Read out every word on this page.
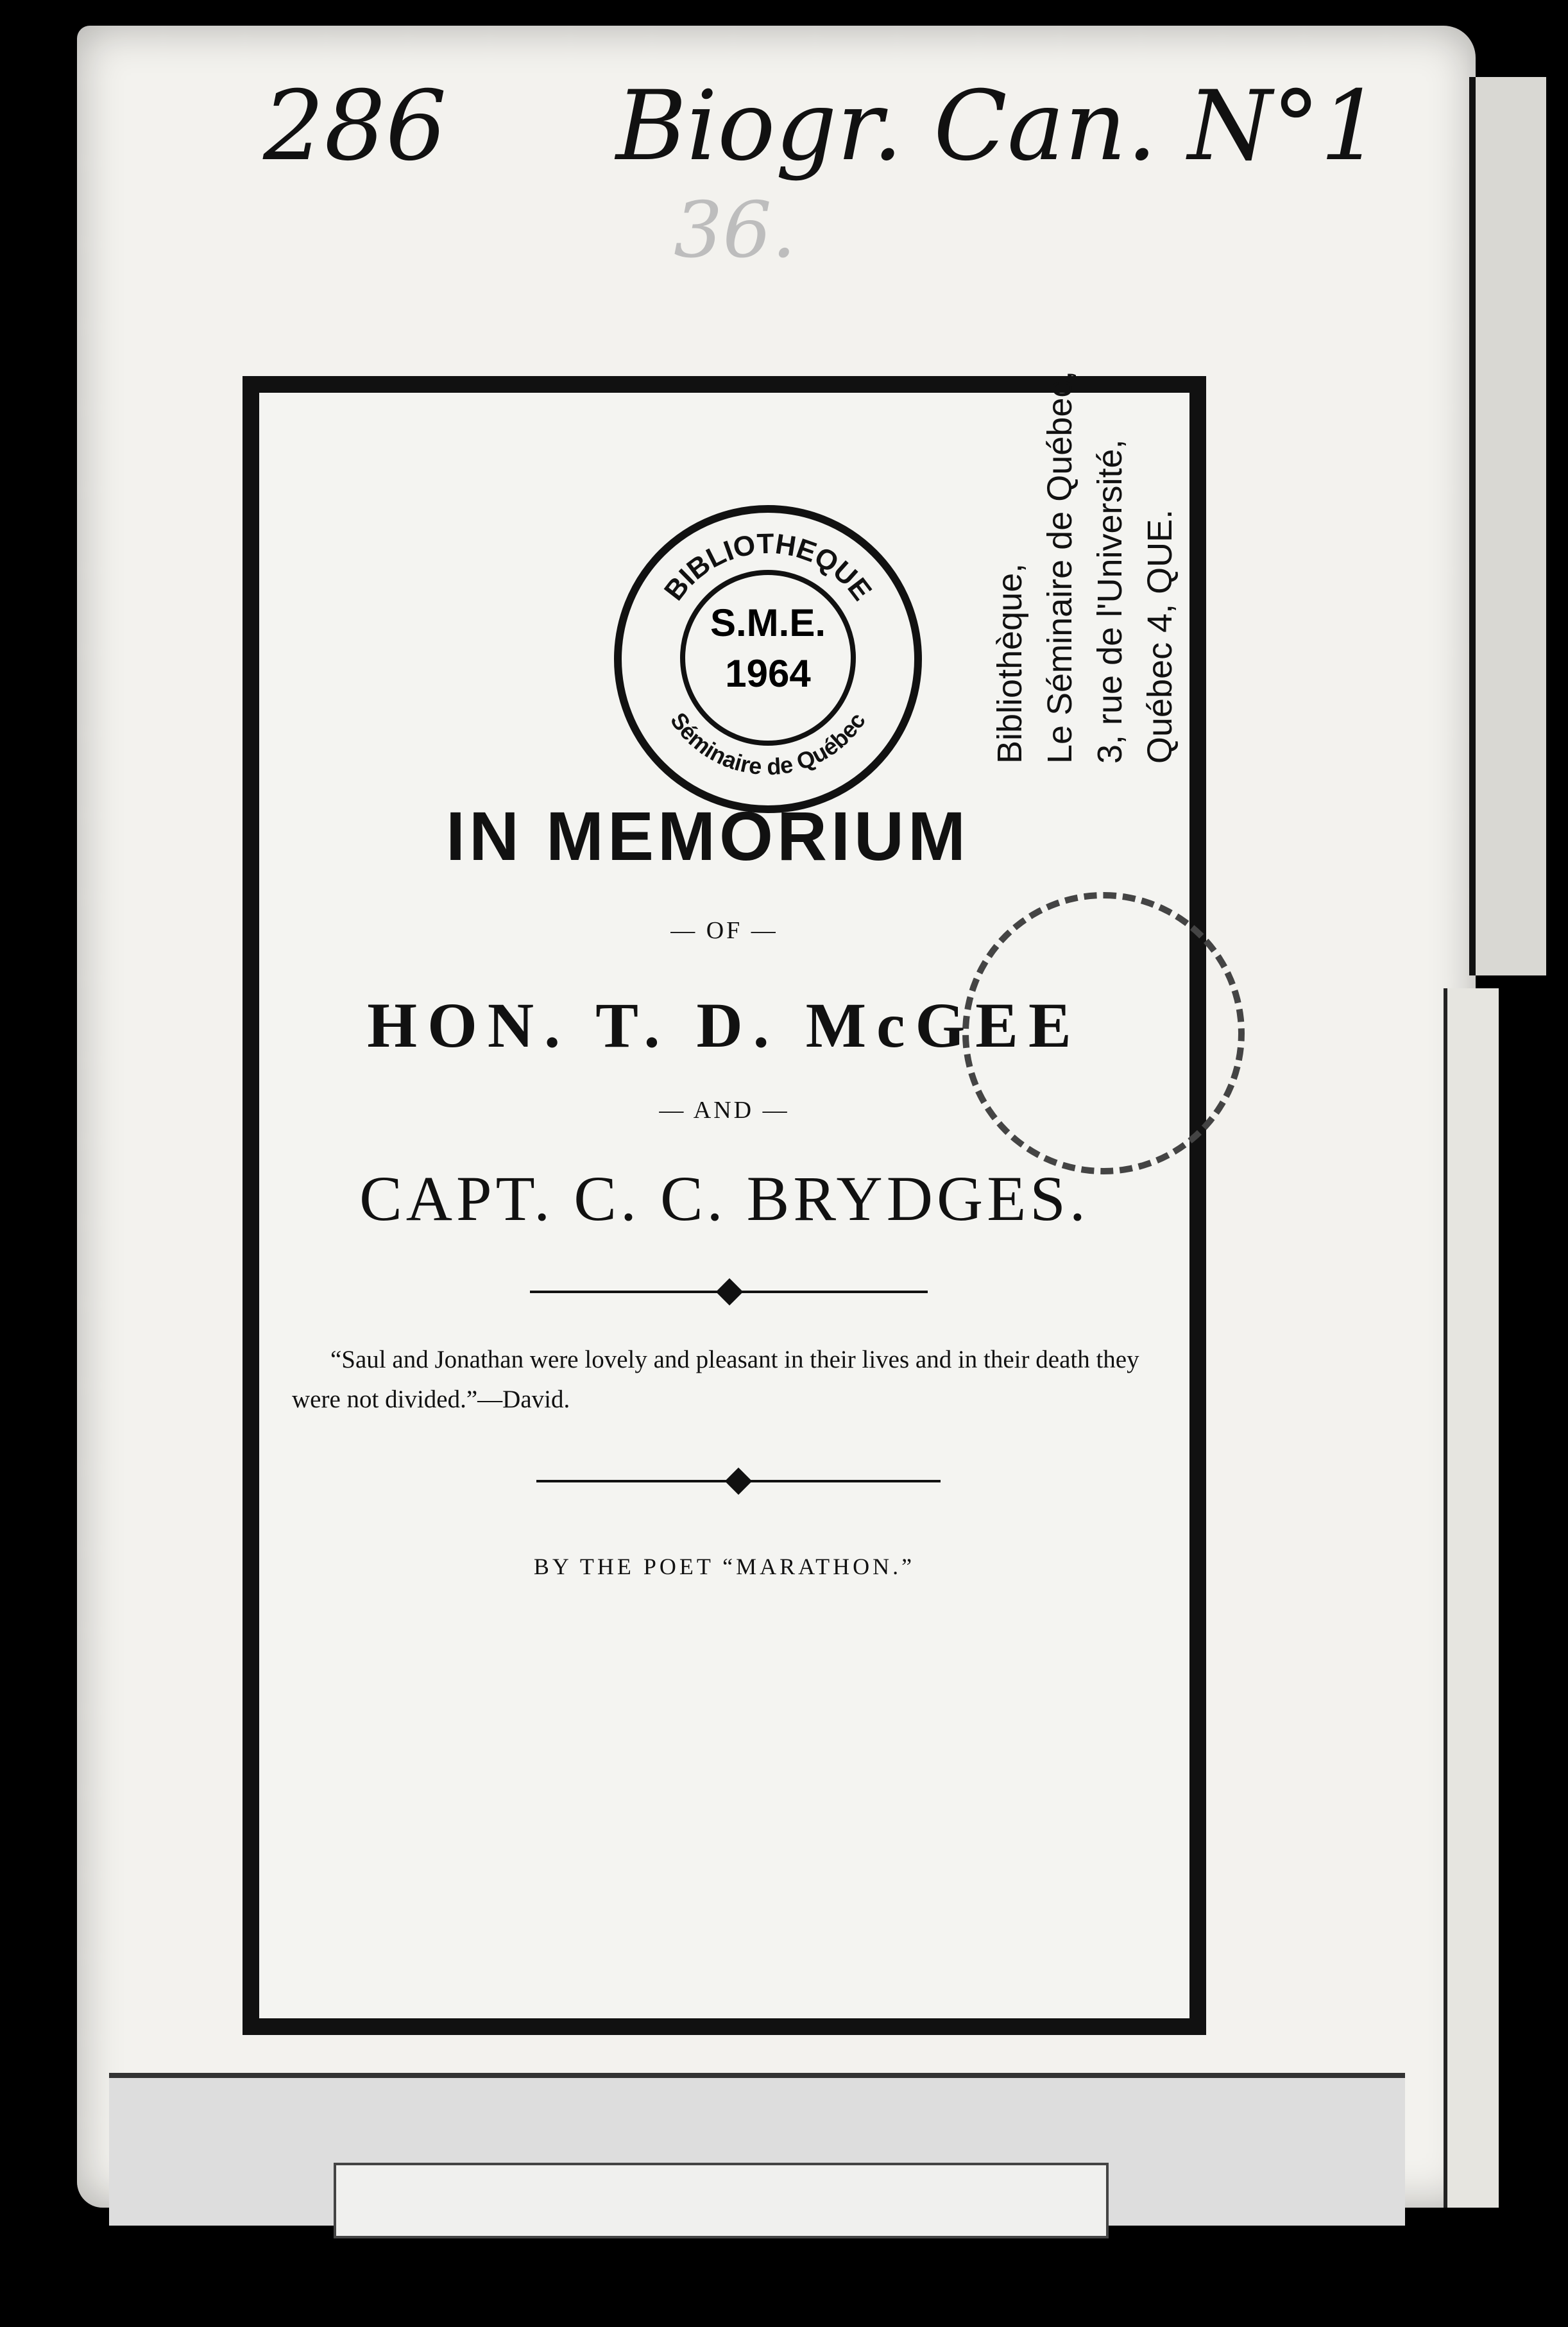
286 Biogr. Can. N°1
36.
BIBLIOTHEQUE
Séminaire de Québec
S.M.E.
1964	Bibliothèque, Le Séminaire de Québec, 3, rue de l'Université, Québec 4, QUE.
IN MEMORIUM
— OF —
HON. T. D. McGEE
— AND —
CAPT. C. C. BRYDGES.
“Saul and Jonathan were lovely and pleasant in their lives and in their death they were not divided.”—David.
BY THE POET “MARATHON.”
